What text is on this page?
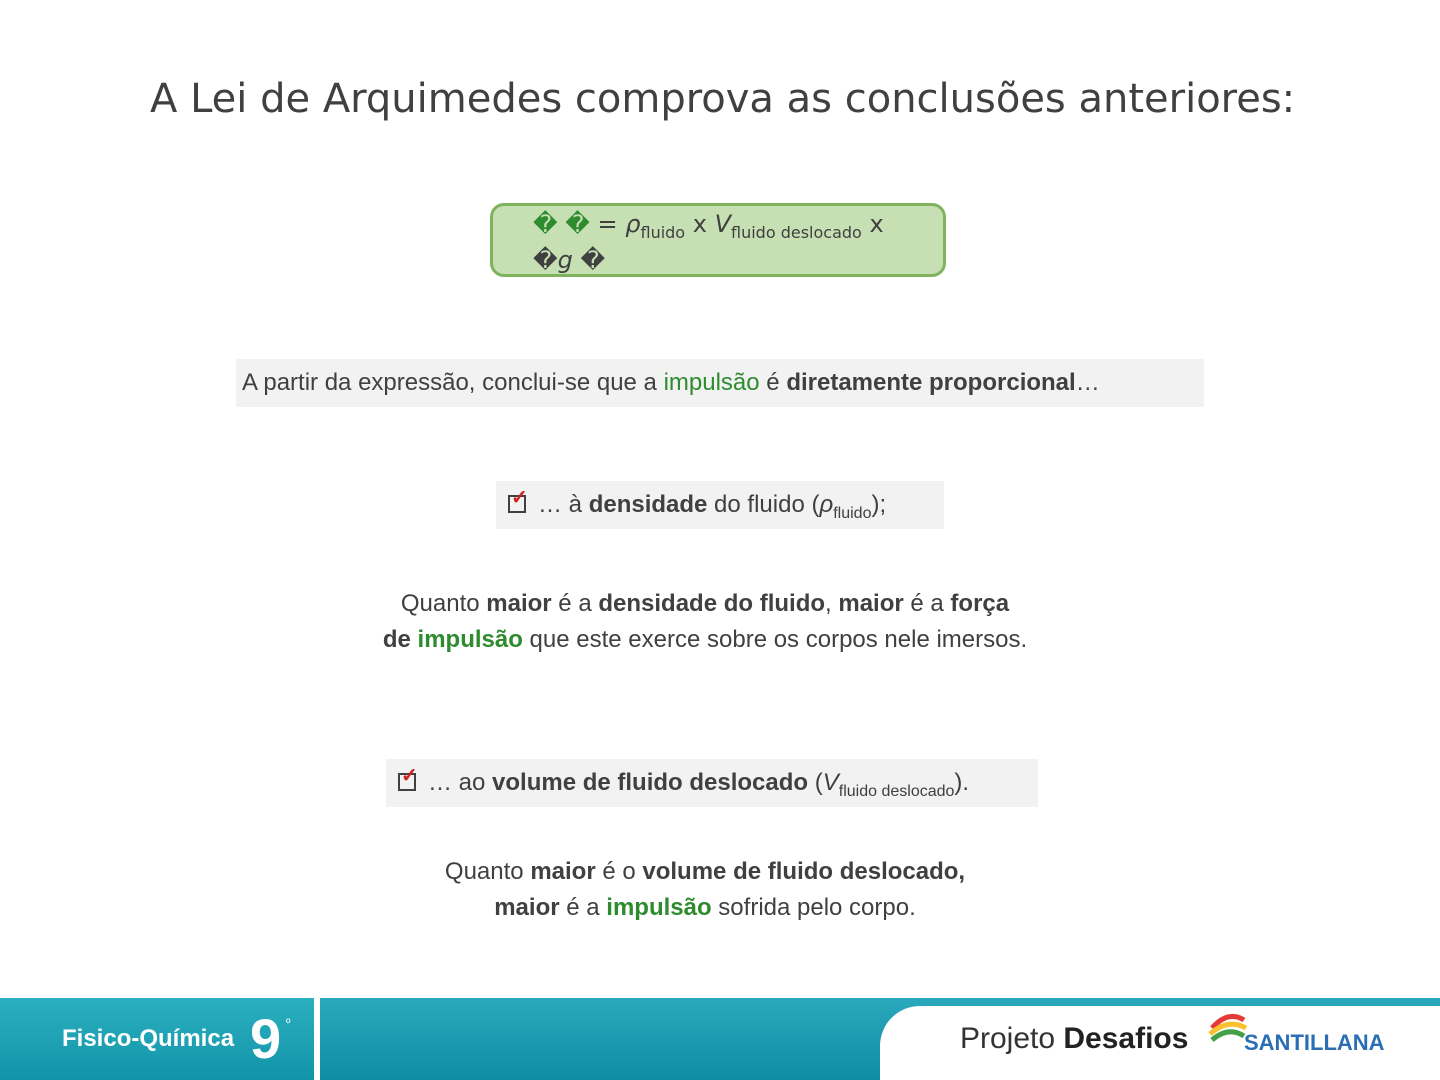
A Lei de Arquimedes comprova as conclusões anteriores:
� � = $\rho_{fluido}$ x $V_{fluido deslocado}$ x
�g �
A partir da expressão, conclui-se que a impulsão é diretamente proporcional…
✓… à densidade do fluido $(\rho_{fluido})$;
Quanto maior é a densidade do fluido, maior é a força
de impulsão que este exerce sobre os corpos nele imersos.
✓… ao volume de fluido deslocado $(V_{fluido deslocado})$.
Quanto maior é o volume de fluido deslocado,
maior é a impulsão sofrida pelo corpo.
Fisico-Química 9 º	Projeto Desafios	SANTILLANA
